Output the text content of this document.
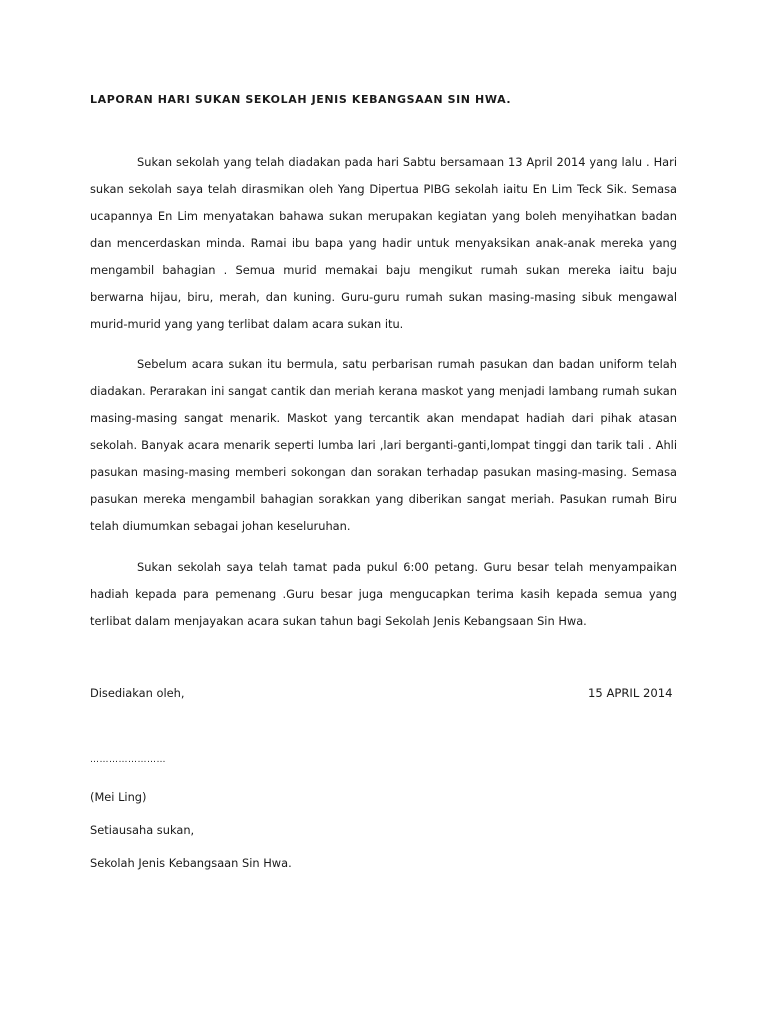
LAPORAN HARI SUKAN SEKOLAH JENIS KEBANGSAAN SIN HWA.

Sukan sekolah yang telah diadakan pada hari Sabtu bersamaan 13 April 2014 yang lalu . Hari sukan sekolah saya telah dirasmikan oleh Yang Dipertua PIBG sekolah iaitu En Lim Teck Sik. Semasa ucapannya En Lim menyatakan bahawa sukan merupakan kegiatan yang boleh menyihatkan badan dan mencerdaskan minda. Ramai ibu bapa yang hadir untuk menyaksikan anak-anak mereka yang mengambil bahagian . Semua murid memakai baju mengikut rumah sukan mereka iaitu baju berwarna hijau, biru, merah, dan kuning. Guru-guru rumah sukan masing-masing sibuk mengawal murid-murid yang yang terlibat dalam acara sukan itu.

Sebelum acara sukan itu bermula, satu perbarisan rumah pasukan dan badan uniform telah diadakan. Perarakan ini sangat cantik dan meriah kerana maskot yang menjadi lambang rumah sukan masing-masing sangat menarik. Maskot yang tercantik akan mendapat hadiah dari pihak atasan sekolah. Banyak acara menarik seperti lumba lari ,lari berganti-ganti,lompat tinggi dan tarik tali . Ahli pasukan masing-masing memberi sokongan dan sorakan terhadap pasukan masing-masing. Semasa pasukan mereka mengambil bahagian sorakkan yang diberikan sangat meriah. Pasukan rumah Biru telah diumumkan sebagai johan keseluruhan.

Sukan sekolah saya telah tamat pada pukul 6:00 petang. Guru besar telah menyampaikan hadiah kepada para pemenang .Guru besar juga mengucapkan terima kasih kepada semua yang terlibat dalam menjayakan acara sukan tahun bagi Sekolah Jenis Kebangsaan Sin Hwa.

Disediakan oleh,	15 APRIL 2014
……………………
(Mei Ling)
Setiausaha sukan,
Sekolah Jenis Kebangsaan Sin Hwa.
